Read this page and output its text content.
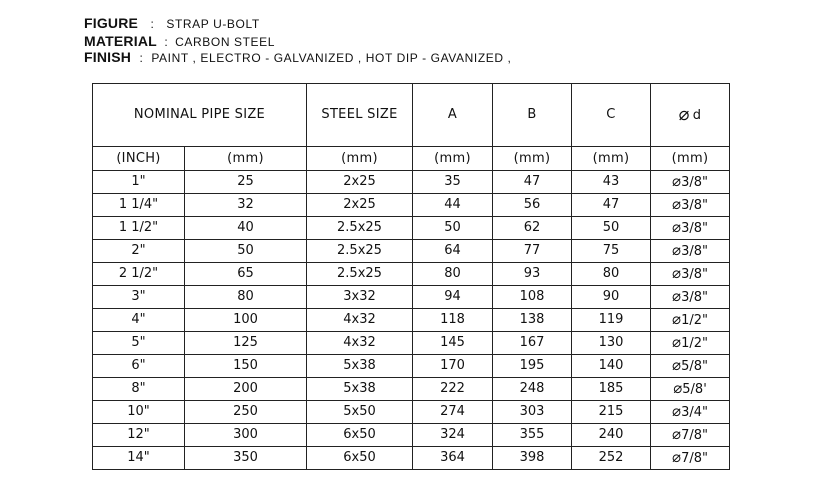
FIGURE : STRAP U-BOLT
MATERIAL : CARBON STEEL
FINISH : PAINT , ELECTRO - GALVANIZED , HOT DIP - GAVANIZED ,
NOMINAL PIPE SIZE		STEEL SIZE	A	B	C	⌀ d
(INCH)	(mm)	(mm)	(mm)	(mm)	(mm)	(mm)
1"	25	2x25	35	47	43	⌀3/8"
1 1/4"	32	2x25	44	56	47	⌀3/8"
1 1/2"	40	2.5x25	50	62	50	⌀3/8"
2"	50	2.5x25	64	77	75	⌀3/8"
2 1/2"	65	2.5x25	80	93	80	⌀3/8"
3"	80	3x32	94	108	90	⌀3/8"
4"	100	4x32	118	138	119	⌀1/2"
5"	125	4x32	145	167	130	⌀1/2"
6"	150	5x38	170	195	140	⌀5/8"
8"	200	5x38	222	248	185	⌀5/8'
10"	250	5x50	274	303	215	⌀3/4"
12"	300	6x50	324	355	240	⌀7/8"
14"	350	6x50	364	398	252	⌀7/8"
